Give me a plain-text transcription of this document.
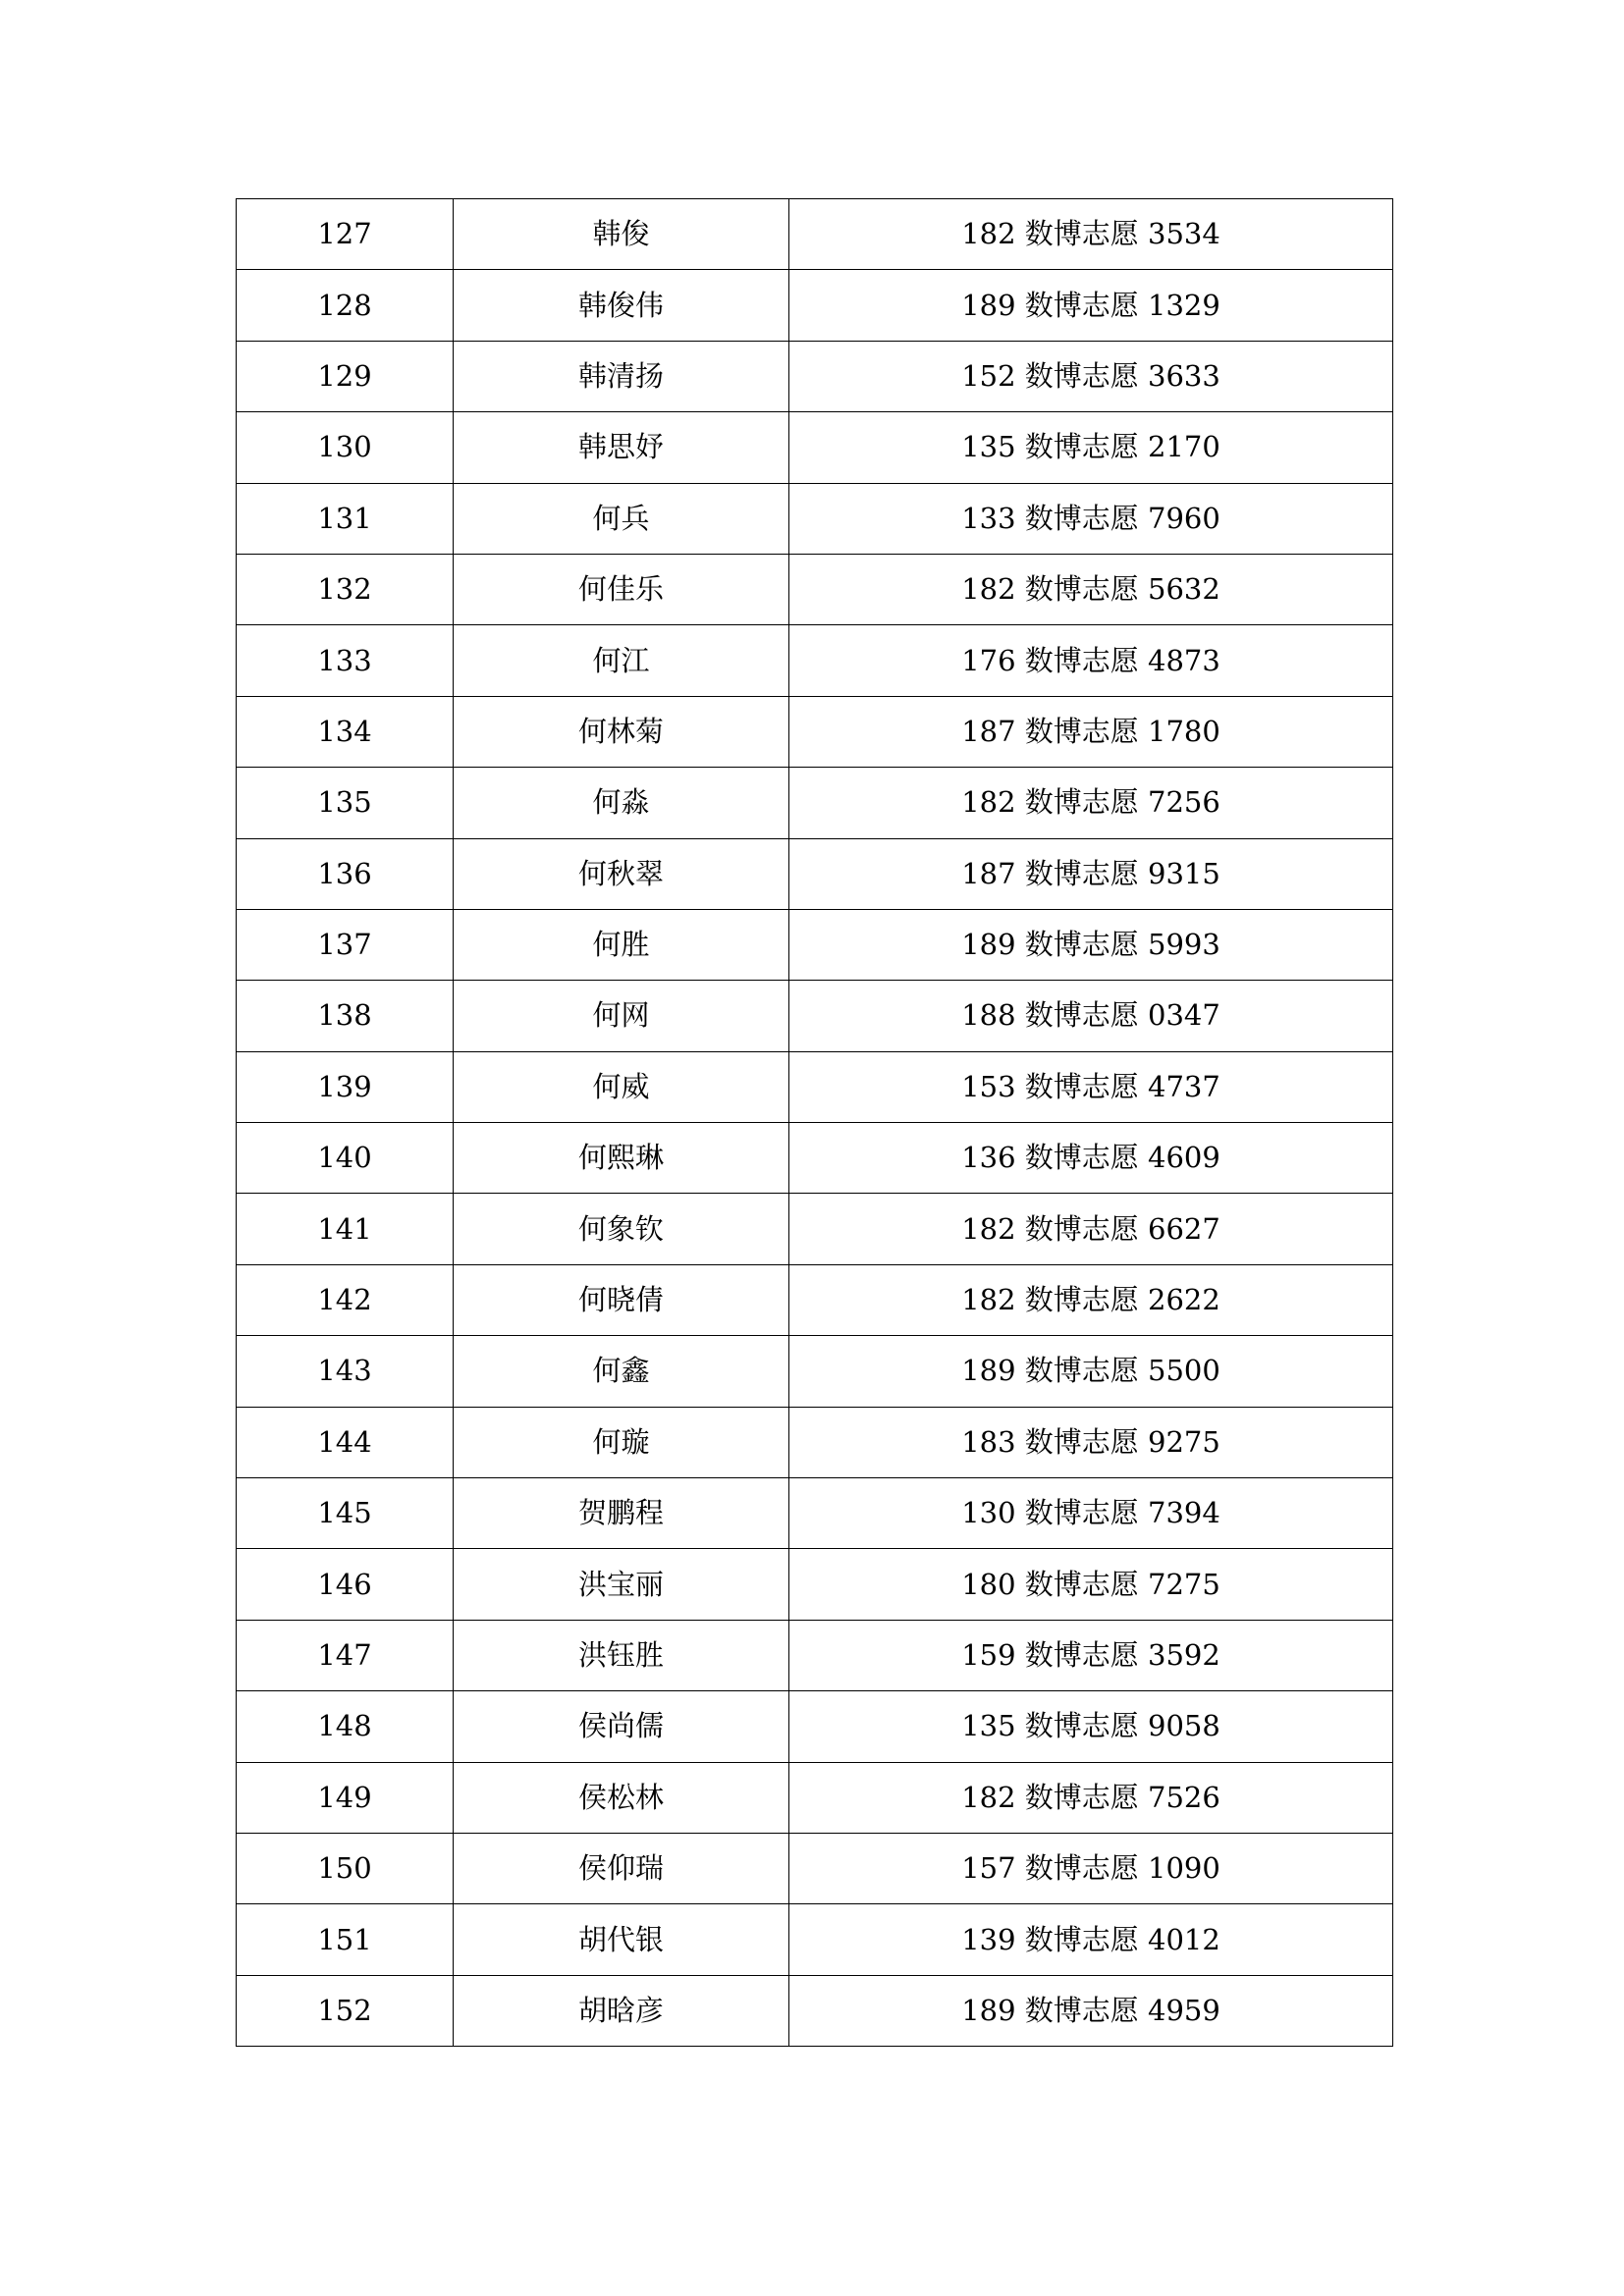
127	韩俊	182 数博志愿 3534
128	韩俊伟	189 数博志愿 1329
129	韩清扬	152 数博志愿 3633
130	韩思妤	135 数博志愿 2170
131	何兵	133 数博志愿 7960
132	何佳乐	182 数博志愿 5632
133	何江	176 数博志愿 4873
134	何林菊	187 数博志愿 1780
135	何淼	182 数博志愿 7256
136	何秋翠	187 数博志愿 9315
137	何胜	189 数博志愿 5993
138	何网	188 数博志愿 0347
139	何威	153 数博志愿 4737
140	何熙琳	136 数博志愿 4609
141	何象钦	182 数博志愿 6627
142	何晓倩	182 数博志愿 2622
143	何鑫	189 数博志愿 5500
144	何璇	183 数博志愿 9275
145	贺鹏程	130 数博志愿 7394
146	洪宝丽	180 数博志愿 7275
147	洪钰胜	159 数博志愿 3592
148	侯尚儒	135 数博志愿 9058
149	侯松林	182 数博志愿 7526
150	侯仰瑞	157 数博志愿 1090
151	胡代银	139 数博志愿 4012
152	胡晗彦	189 数博志愿 4959
